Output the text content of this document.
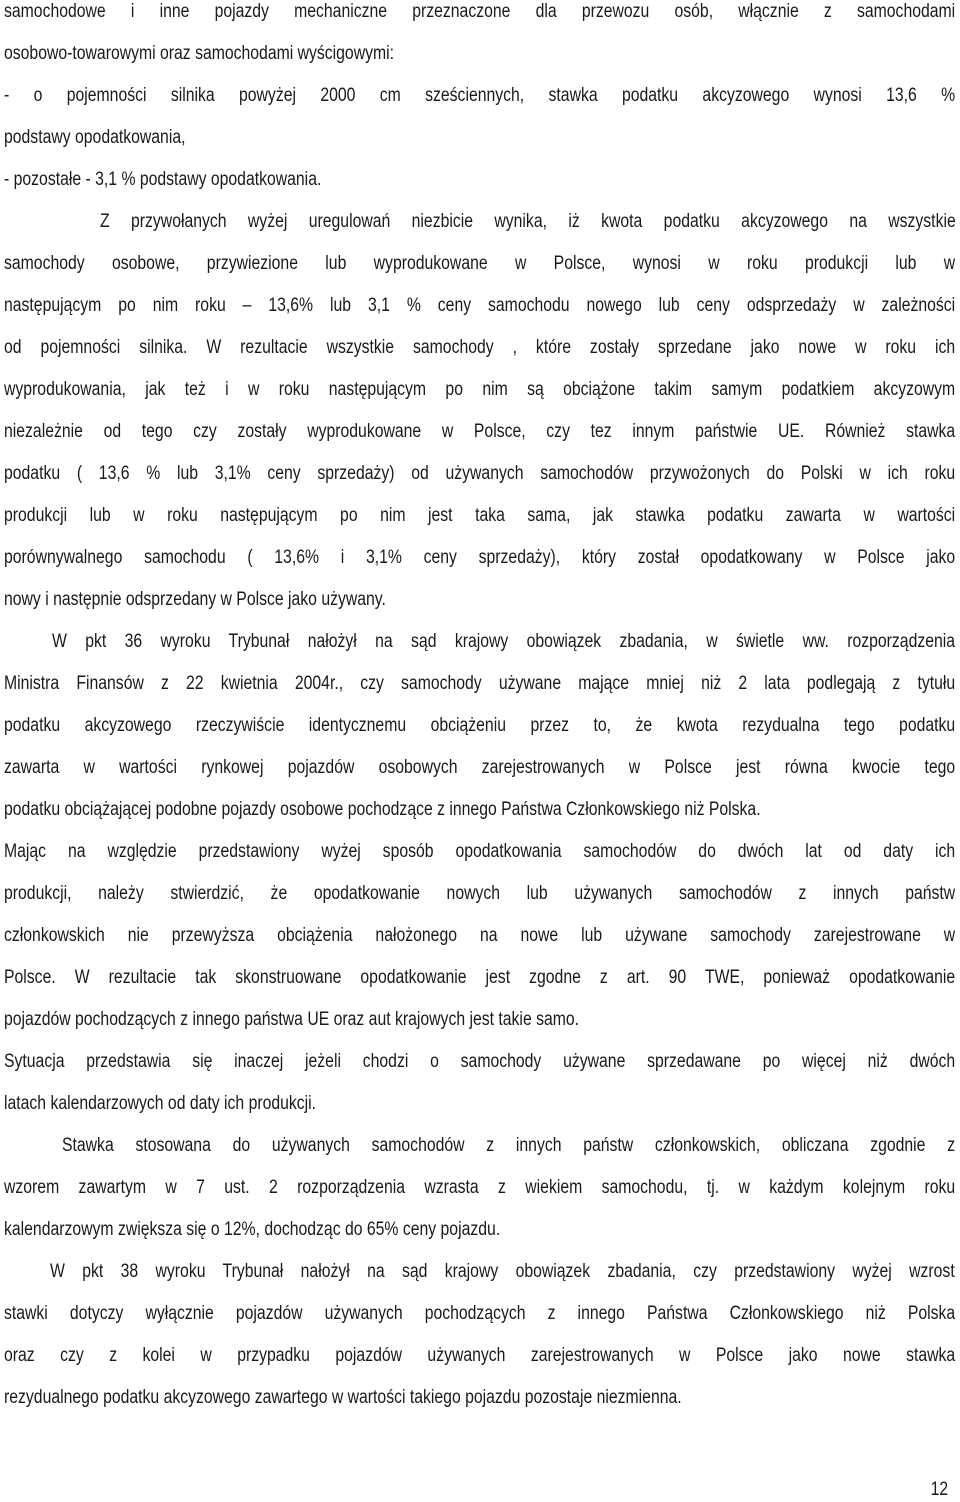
samochodowe i inne pojazdy mechaniczne przeznaczone dla przewozu osób, włącznie z samochodami
osobowo-towarowymi oraz samochodami wyścigowymi:
- o pojemności silnika powyżej 2000 cm sześciennych, stawka podatku akcyzowego wynosi 13,6 %
podstawy opodatkowania,
- pozostałe - 3,1 % podstawy opodatkowania.
Z przywołanych wyżej uregulowań niezbicie wynika, iż kwota podatku akcyzowego na wszystkie
samochody osobowe, przywiezione lub wyprodukowane w Polsce, wynosi w roku produkcji lub w
następującym po nim roku – 13,6% lub 3,1 % ceny samochodu nowego lub ceny odsprzedaży w zależności
od pojemności silnika. W rezultacie wszystkie samochody , które zostały sprzedane jako nowe w roku ich
wyprodukowania, jak też i w roku następującym po nim są obciążone takim samym podatkiem akcyzowym
niezależnie od tego czy zostały wyprodukowane w Polsce, czy tez innym państwie UE. Również stawka
podatku ( 13,6 % lub 3,1% ceny sprzedaży) od używanych samochodów przywożonych do Polski w ich roku
produkcji lub w roku następującym po nim jest taka sama, jak stawka podatku zawarta w wartości
porównywalnego samochodu ( 13,6% i 3,1% ceny sprzedaży), który został opodatkowany w Polsce jako
nowy i następnie odsprzedany w Polsce jako używany.
W pkt 36 wyroku Trybunał nałożył na sąd krajowy obowiązek zbadania, w świetle ww. rozporządzenia
Ministra Finansów z 22 kwietnia 2004r., czy samochody używane mające mniej niż 2 lata podlegają z tytułu
podatku akcyzowego rzeczywiście identycznemu obciążeniu przez to, że kwota rezydualna tego podatku
zawarta w wartości rynkowej pojazdów osobowych zarejestrowanych w Polsce jest równa kwocie tego
podatku obciążającej podobne pojazdy osobowe pochodzące z innego Państwa Członkowskiego niż Polska.
Mając na względzie przedstawiony wyżej sposób opodatkowania samochodów do dwóch lat od daty ich
produkcji, należy stwierdzić, że opodatkowanie nowych lub używanych samochodów z innych państw
członkowskich nie przewyższa obciążenia nałożonego na nowe lub używane samochody zarejestrowane w
Polsce. W rezultacie tak skonstruowane opodatkowanie jest zgodne z art. 90 TWE, ponieważ opodatkowanie
pojazdów pochodzących z innego państwa UE oraz aut krajowych jest takie samo.
Sytuacja przedstawia się inaczej jeżeli chodzi o samochody używane sprzedawane po więcej niż dwóch
latach kalendarzowych od daty ich produkcji.
Stawka stosowana do używanych samochodów z innych państw członkowskich, obliczana zgodnie z
wzorem zawartym w 7 ust. 2 rozporządzenia wzrasta z wiekiem samochodu, tj. w każdym kolejnym roku
kalendarzowym zwiększa się o 12%, dochodząc do 65% ceny pojazdu.
W pkt 38 wyroku Trybunał nałożył na sąd krajowy obowiązek zbadania, czy przedstawiony wyżej wzrost
stawki dotyczy wyłącznie pojazdów używanych pochodzących z innego Państwa Członkowskiego niż Polska
oraz czy z kolei w przypadku pojazdów używanych zarejestrowanych w Polsce jako nowe stawka
rezydualnego podatku akcyzowego zawartego w wartości takiego pojazdu pozostaje niezmienna.
12
